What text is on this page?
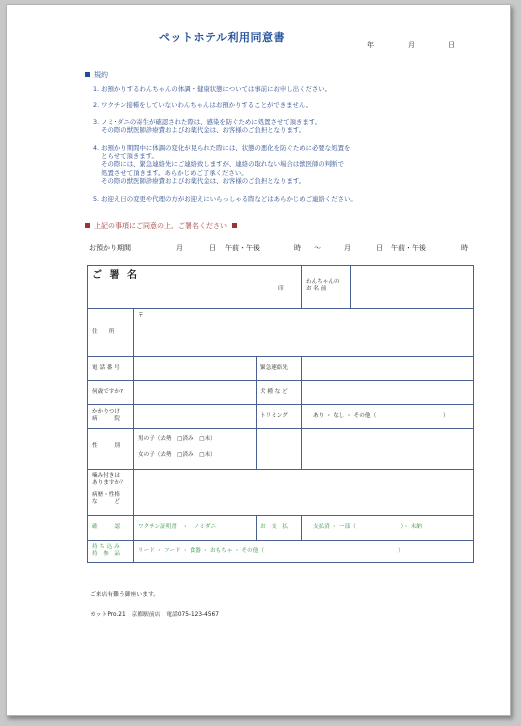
ペットホテル利用同意書
年	月	日
規約
1. お預かりするわんちゃんの体調・健康状態については事前にお申し出ください。
2. ワクチン接種をしていないわんちゃんはお預かりすることができません。
3. ノミ･ダニの寄生が確認された際は、感染を防ぐために処置させて頂きます。
その際の獣医師診療費およびお薬代金は、お客様のご負担となります。
4. お預かり期間中に体調の変化が見られた際には、状態の悪化を防ぐために必要な処置を
とらせて頂きます。
その際には、緊急連絡先にご連絡致しますが、連絡の取れない場合は獣医師の判断で
処置させて頂きます。あらかじめご了承ください。
その際の獣医師診療費およびお薬代金は、お客様のご負担となります。
5. お迎え日の変更や代理の方がお迎えにいらっしゃる際などはあらかじめご連絡ください。
上記の事項にご同意の上、ご署名ください
お預かり期間	月	日 午前・午後	時 ～	月	日 午前・午後	時
ご 署 名
印
わんちゃんの
お 名 前
住　　所
〒
電 話 番 号	緊急連絡先
何歳ですか?	犬 種 な ど
かかりつけ
病　　　院	トリミング	あり ・ なし ・ その他（　　　　　　　　　　　　）
性　　　別
男の子（去勢　□済み　□未）
女の子（去勢　□済み　□未）
噛み付きは
ありますか？
病歴・性格
な　　　ど
確　　　認	ワクチン証明書　・　ノミダニ	お　支　払	支払済 ・ 一部（　　　　　　　　）・ 未納
持 ち 込 み
持　参　品	リード ・ フード ・ 食器 ・ おもちゃ ・ その他（　　　　　　　　　　　　　　　　　　　　　　　　）
ご来店有難う御座います。
カットPro.21　京都駅前店　電話075-123-4567
